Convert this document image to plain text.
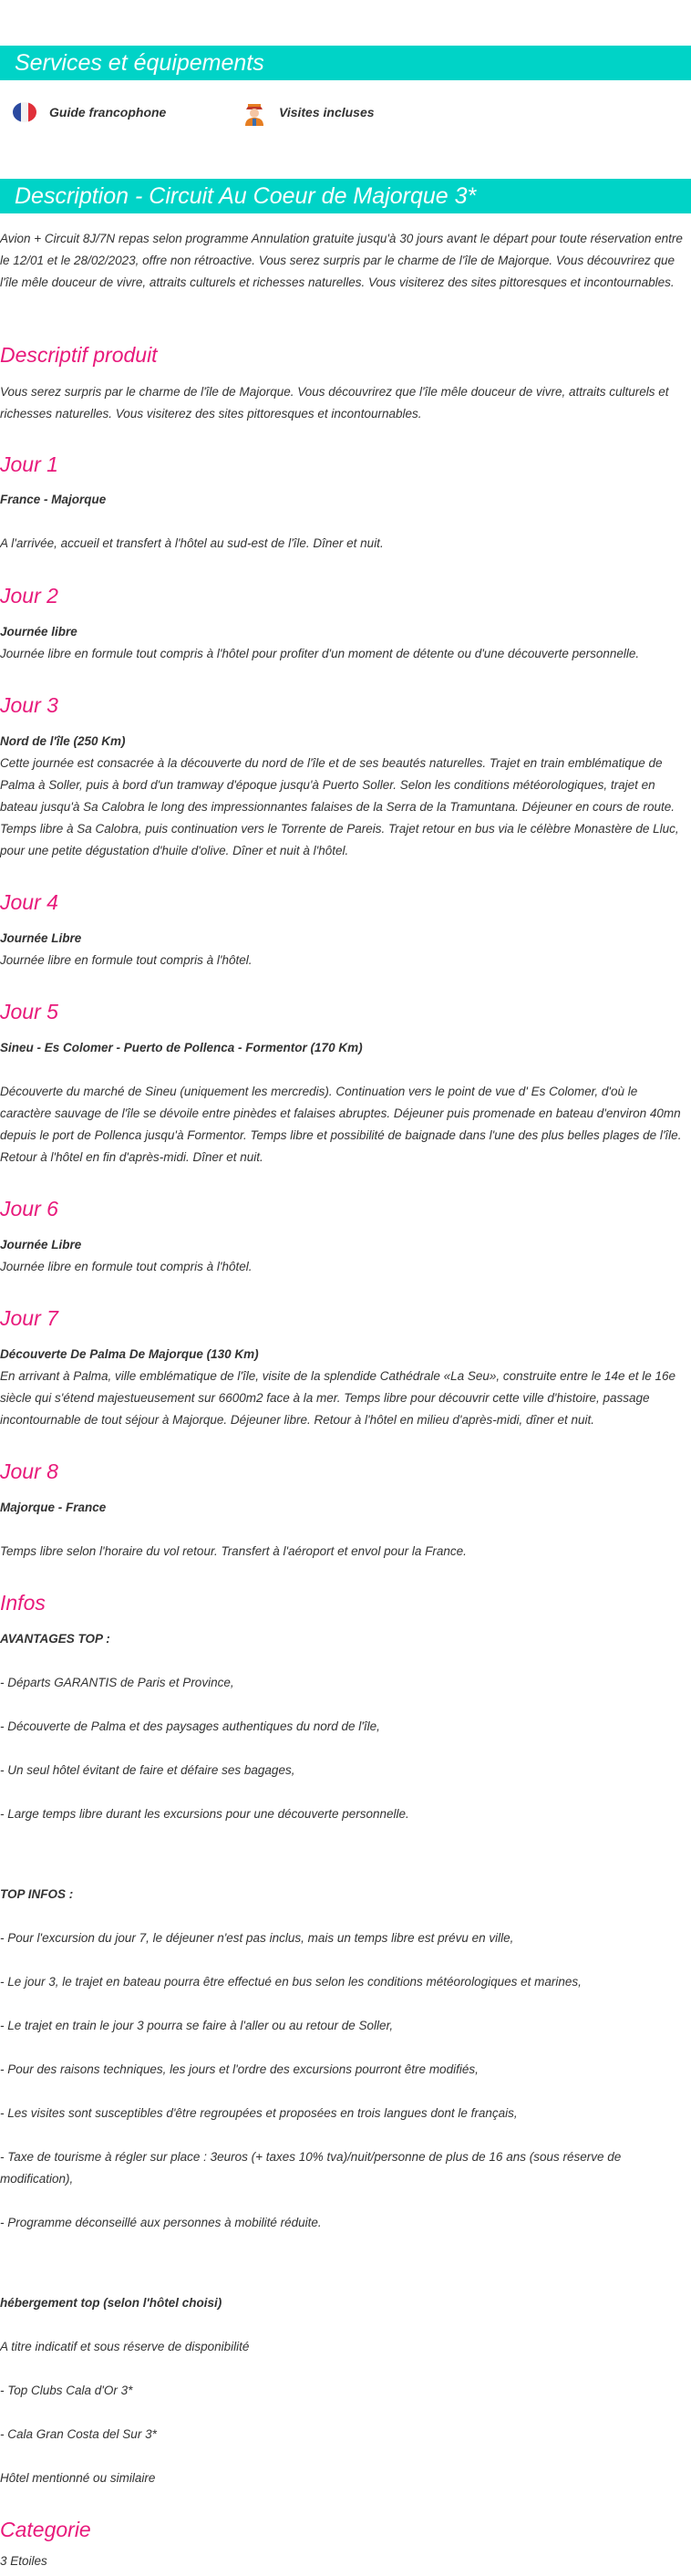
Services et équipements
Guide francophone	Visites incluses
Description - Circuit Au Coeur de Majorque 3*

Avion + Circuit 8J/7N repas selon programme Annulation gratuite jusqu'à 30 jours avant le départ pour toute réservation entre le 12/01 et le 28/02/2023, offre non rétroactive. Vous serez surpris par le charme de l'île de Majorque. Vous découvrirez que l'île mêle douceur de vivre, attraits culturels et richesses naturelles. Vous visiterez des sites pittoresques et incontournables.

Descriptif produit

Vous serez surpris par le charme de l'île de Majorque. Vous découvrirez que l'île mêle douceur de vivre, attraits culturels et richesses naturelles. Vous visiterez des sites pittoresques et incontournables.

Jour 1

France - Majorque

A l'arrivée, accueil et transfert à l'hôtel au sud-est de l'île. Dîner et nuit.

Jour 2

Journée libre

Journée libre en formule tout compris à l'hôtel pour profiter d'un moment de détente ou d'une découverte personnelle.

Jour 3

Nord de l'île (250 Km)

Cette journée est consacrée à la découverte du nord de l'île et de ses beautés naturelles. Trajet en train emblématique de Palma à Soller, puis à bord d'un tramway d'époque jusqu'à Puerto Soller. Selon les conditions météorologiques, trajet en bateau jusqu'à Sa Calobra le long des impressionnantes falaises de la Serra de la Tramuntana. Déjeuner en cours de route. Temps libre à Sa Calobra, puis continuation vers le Torrente de Pareis. Trajet retour en bus via le célèbre Monastère de Lluc, pour une petite dégustation d'huile d'olive. Dîner et nuit à l'hôtel.

Jour 4

Journée Libre

Journée libre en formule tout compris à l'hôtel.

Jour 5

Sineu - Es Colomer - Puerto de Pollenca - Formentor (170 Km)

Découverte du marché de Sineu (uniquement les mercredis). Continuation vers le point de vue d' Es Colomer, d'où le caractère sauvage de l'île se dévoile entre pinèdes et falaises abruptes. Déjeuner puis promenade en bateau d'environ 40mn depuis le port de Pollenca jusqu'à Formentor. Temps libre et possibilité de baignade dans l'une des plus belles plages de l'île. Retour à l'hôtel en fin d'après-midi. Dîner et nuit.

Jour 6

Journée Libre

Journée libre en formule tout compris à l'hôtel.

Jour 7

Découverte De Palma De Majorque (130 Km)

En arrivant à Palma, ville emblématique de l'île, visite de la splendide Cathédrale «La Seu», construite entre le 14e et le 16e siècle qui s'étend majestueusement sur 6600m2 face à la mer. Temps libre pour découvrir cette ville d'histoire, passage incontournable de tout séjour à Majorque. Déjeuner libre. Retour à l'hôtel en milieu d'après-midi, dîner et nuit.

Jour 8

Majorque - France

Temps libre selon l'horaire du vol retour. Transfert à l'aéroport et envol pour la France.

Infos

AVANTAGES TOP :

- Départs GARANTIS de Paris et Province,

- Découverte de Palma et des paysages authentiques du nord de l'île,

- Un seul hôtel évitant de faire et défaire ses bagages,

- Large temps libre durant les excursions pour une découverte personnelle.

TOP INFOS :

- Pour l'excursion du jour 7, le déjeuner n'est pas inclus, mais un temps libre est prévu en ville,

- Le jour 3, le trajet en bateau pourra être effectué en bus selon les conditions météorologiques et marines,

- Le trajet en train le jour 3 pourra se faire à l'aller ou au retour de Soller,

- Pour des raisons techniques, les jours et l'ordre des excursions pourront être modifiés,

- Les visites sont susceptibles d'être regroupées et proposées en trois langues dont le français,

- Taxe de tourisme à régler sur place : 3euros (+ taxes 10% tva)/nuit/personne de plus de 16 ans (sous réserve de modification),

- Programme déconseillé aux personnes à mobilité réduite.

hébergement top (selon l'hôtel choisi)

A titre indicatif et sous réserve de disponibilité

- Top Clubs Cala d'Or 3*

- Cala Gran Costa del Sur 3*

Hôtel mentionné ou similaire

Categorie

3 Etoiles
